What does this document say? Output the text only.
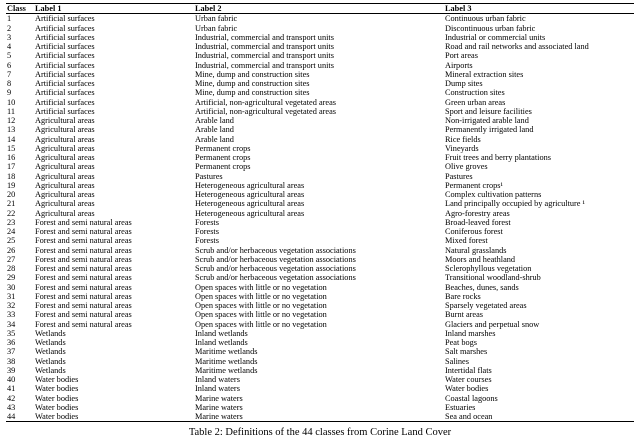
Class	Label 1	Label 2	Label 3
1	Artificial surfaces	Urban fabric	Continuous urban fabric
2	Artificial surfaces	Urban fabric	Discontinuous urban fabric
3	Artificial surfaces	Industrial, commercial and transport units	Industrial or commercial units
4	Artificial surfaces	Industrial, commercial and transport units	Road and rail networks and associated land
5	Artificial surfaces	Industrial, commercial and transport units	Port areas
6	Artificial surfaces	Industrial, commercial and transport units	Airports
7	Artificial surfaces	Mine, dump and construction sites	Mineral extraction sites
8	Artificial surfaces	Mine, dump and construction sites	Dump sites
9	Artificial surfaces	Mine, dump and construction sites	Construction sites
10	Artificial surfaces	Artificial, non-agricultural vegetated areas	Green urban areas
11	Artificial surfaces	Artificial, non-agricultural vegetated areas	Sport and leisure facilities
12	Agricultural areas	Arable land	Non-irrigated arable land
13	Agricultural areas	Arable land	Permanently irrigated land
14	Agricultural areas	Arable land	Rice fields
15	Agricultural areas	Permanent crops	Vineyards
16	Agricultural areas	Permanent crops	Fruit trees and berry plantations
17	Agricultural areas	Permanent crops	Olive groves
18	Agricultural areas	Pastures	Pastures
19	Agricultural areas	Heterogeneous agricultural areas	Permanent crops¹
20	Agricultural areas	Heterogeneous agricultural areas	Complex cultivation patterns
21	Agricultural areas	Heterogeneous agricultural areas	Land principally occupied by agriculture ¹
22	Agricultural areas	Heterogeneous agricultural areas	Agro-forestry areas
23	Forest and semi natural areas	Forests	Broad-leaved forest
24	Forest and semi natural areas	Forests	Coniferous forest
25	Forest and semi natural areas	Forests	Mixed forest
26	Forest and semi natural areas	Scrub and/or herbaceous vegetation associations	Natural grasslands
27	Forest and semi natural areas	Scrub and/or herbaceous vegetation associations	Moors and heathland
28	Forest and semi natural areas	Scrub and/or herbaceous vegetation associations	Sclerophyllous vegetation
29	Forest and semi natural areas	Scrub and/or herbaceous vegetation associations	Transitional woodland-shrub
30	Forest and semi natural areas	Open spaces with little or no vegetation	Beaches, dunes, sands
31	Forest and semi natural areas	Open spaces with little or no vegetation	Bare rocks
32	Forest and semi natural areas	Open spaces with little or no vegetation	Sparsely vegetated areas
33	Forest and semi natural areas	Open spaces with little or no vegetation	Burnt areas
34	Forest and semi natural areas	Open spaces with little or no vegetation	Glaciers and perpetual snow
35	Wetlands	Inland wetlands	Inland marshes
36	Wetlands	Inland wetlands	Peat bogs
37	Wetlands	Maritime wetlands	Salt marshes
38	Wetlands	Maritime wetlands	Salines
39	Wetlands	Maritime wetlands	Intertidal flats
40	Water bodies	Inland waters	Water courses
41	Water bodies	Inland waters	Water bodies
42	Water bodies	Marine waters	Coastal lagoons
43	Water bodies	Marine waters	Estuaries
44	Water bodies	Marine waters	Sea and ocean
Table 2: Definitions of the 44 classes from Corine Land Cover
